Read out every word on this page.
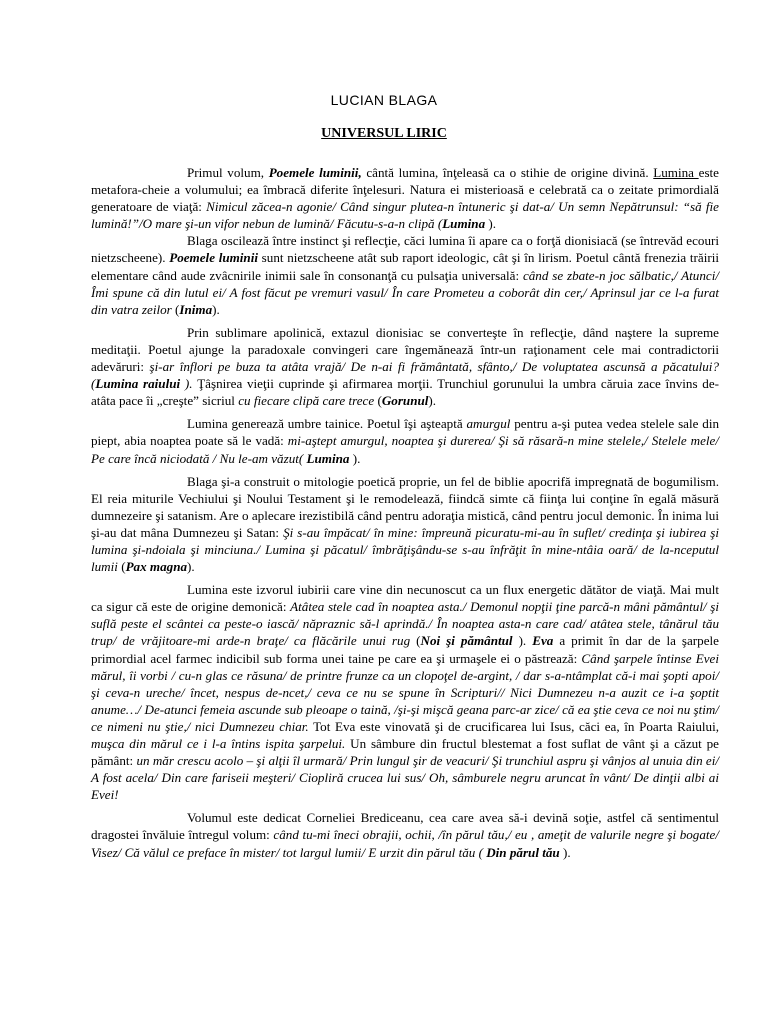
LUCIAN BLAGA
UNIVERSUL LIRIC

Primul volum, Poemele luminii, cântă lumina, înţeleasă ca o stihie de origine divină. Lumina este metafora-cheie a volumului; ea îmbracă diferite înţelesuri. Natura ei misterioasă e celebrată ca o zeitate primordială generatoare de viaţă: Nimicul zăcea-n agonie/ Când singur plutea-n întuneric şi dat-a/ Un semn Nepătrunsul: “să fie lumină!”/O mare şi-un vifor nebun de lumină/ Făcutu-s-a-n clipă (Lumina ).

Blaga oscilează între instinct şi reflecţie, căci lumina îi apare ca o forţă dionisiacă (se întrevăd ecouri nietzscheene). Poemele luminii sunt nietzscheene atât sub raport ideologic, cât şi în lirism. Poetul cântă frenezia trăirii elementare când aude zvâcnirile inimii sale în consonanţă cu pulsaţia universală: când se zbate-n joc sălbatic,/ Atunci/ Îmi spune că din lutul ei/ A fost făcut pe vremuri vasul/ În care Prometeu a coborât din cer,/ Aprinsul jar ce l-a furat din vatra zeilor (Inima).

Prin sublimare apolinică, extazul dionisiac se converteşte în reflecţie, dând naştere la supreme meditaţii. Poetul ajunge la paradoxale convingeri care îngemănează într-un raţionament cele mai contradictorii adevăruri: şi-ar înflori pe buza ta atâta vrajă/ De n-ai fi frământată, sfânto,/ De voluptatea ascunsă a păcatului? (Lumina raiului ). Ţâşnirea vieţii cuprinde şi afirmarea morţii. Trunchiul gorunului la umbra căruia zace învins de-atâta pace îi „creşte” sicriul cu fiecare clipă care trece (Gorunul).

Lumina generează umbre tainice. Poetul îşi aşteaptă amurgul pentru a-şi putea vedea stelele sale din piept, abia noaptea poate să le vadă: mi-aştept amurgul, noaptea şi durerea/ Şi să răsară-n mine stelele,/ Stelele mele/ Pe care încă niciodată / Nu le-am văzut( Lumina ).

Blaga şi-a construit o mitologie poetică proprie, un fel de biblie apocrifă impregnată de bogumilism. El reia miturile Vechiului şi Noului Testament şi le remodelează, fiindcă simte că fiinţa lui conţine în egală măsură dumnezeire şi satanism. Are o aplecare irezistibilă când pentru adoraţia mistică, când pentru jocul demonic. În inima lui şi-au dat mâna Dumnezeu şi Satan: Şi s-au împăcat/ în mine: împreună picuratu-mi-au în suflet/ credinţa şi iubirea şi lumina şi-ndoiala şi minciuna./ Lumina şi păcatul/ îmbrăţişându-se s-au înfrăţit în mine-ntâia oară/ de la-nceputul lumii (Pax magna).

Lumina este izvorul iubirii care vine din necunoscut ca un flux energetic dătător de viaţă. Mai mult ca sigur că este de origine demonică: Atâtea stele cad în noaptea asta./ Demonul nopţii ţine parcă-n mâni pământul/ şi suflă peste el scântei ca peste-o iască/ năpraznic să-l aprindă./ În noaptea asta-n care cad/ atâtea stele, tânărul tău trup/ de vrăjitoare-mi arde-n braţe/ ca flăcările unui rug (Noi şi pământul ). Eva a primit în dar de la şarpele primordial acel farmec indicibil sub forma unei taine pe care ea şi urmaşele ei o păstrează: Când şarpele întinse Evei mărul, îi vorbi / cu-n glas ce răsuna/ de printre frunze ca un clopoţel de-argint, / dar s-a-ntâmplat că-i mai şopti apoi/ şi ceva-n ureche/ încet, nespus de-ncet,/ ceva ce nu se spune în Scripturi// Nici Dumnezeu n-a auzit ce i-a şoptit anume…/ De-atunci femeia ascunde sub pleoape o taină, /şi-şi mişcă geana parc-ar zice/ că ea ştie ceva ce noi nu ştim/ ce nimeni nu ştie,/ nici Dumnezeu chiar. Tot Eva este vinovată şi de crucificarea lui Isus, căci ea, în Poarta Raiului, muşca din mărul ce i l-a întins ispita şarpelui. Un sâmbure din fructul blestemat a fost suflat de vânt şi a căzut pe pământ: un măr crescu acolo – şi alţii îl urmară/ Prin lungul şir de veacuri/ Şi trunchiul aspru şi vânjos al unuia din ei/ A fost acela/ Din care fariseii meşteri/ Cioplirǎ crucea lui sus/ Oh, sâmburele negru aruncat în vânt/ De dinţii albi ai Evei!

Volumul este dedicat Corneliei Brediceanu, cea care avea să-i devină soţie, astfel că sentimentul dragostei învăluie întregul volum: când tu-mi îneci obrajii, ochii, /în părul tău,/ eu , ameţit de valurile negre şi bogate/ Visez/ Că vălul ce preface în mister/ tot largul lumii/ E urzit din părul tău ( Din părul tău ).
